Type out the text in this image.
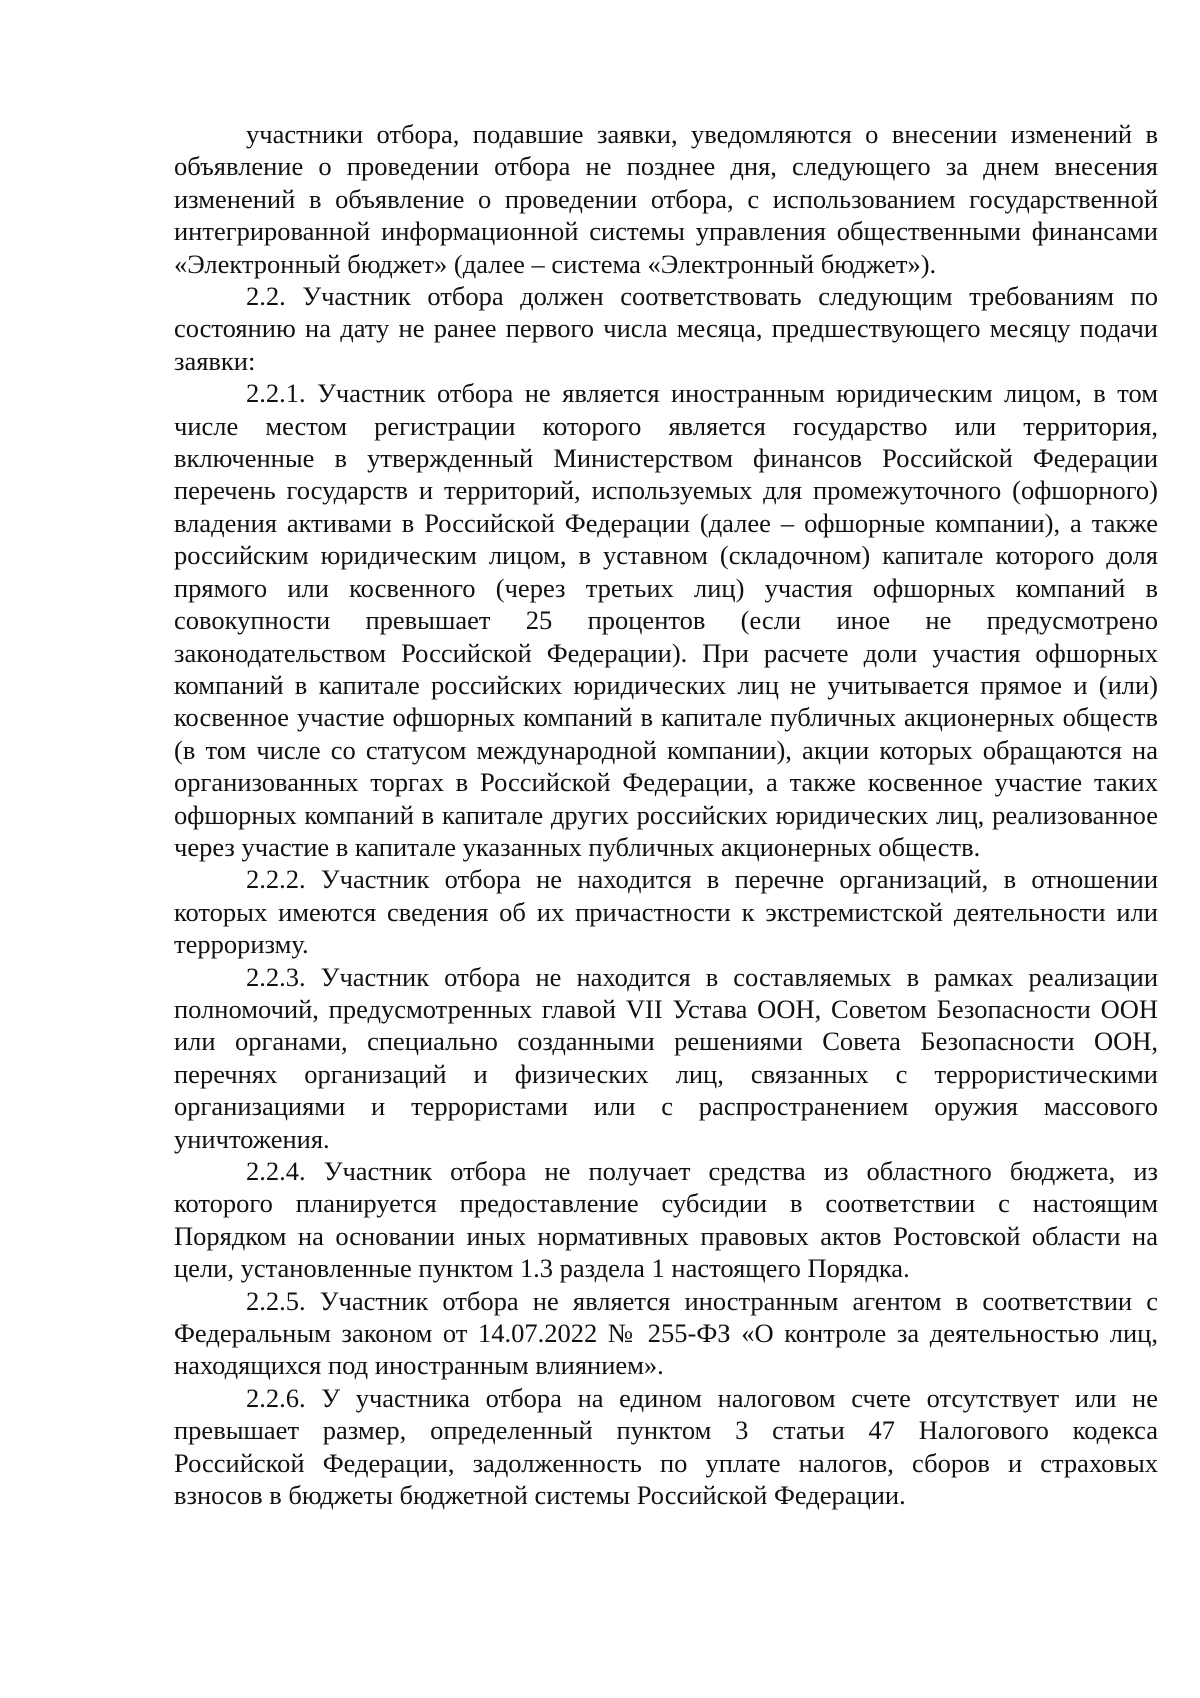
участники отбора, подавшие заявки, уведомляются о внесении изменений в объявление о проведении отбора не позднее дня, следующего за днем внесения изменений в объявление о проведении отбора, с использованием государственной интегрированной информационной системы управления общественными финансами «Электронный бюджет» (далее – система «Электронный бюджет»).

2.2. Участник отбора должен соответствовать следующим требованиям по состоянию на дату не ранее первого числа месяца, предшествующего месяцу подачи заявки:

2.2.1. Участник отбора не является иностранным юридическим лицом, в том числе местом регистрации которого является государство или территория, включенные в утвержденный Министерством финансов Российской Федерации перечень государств и территорий, используемых для промежуточного (офшорного) владения активами в Российской Федерации (далее – офшорные компании), а также российским юридическим лицом, в уставном (складочном) капитале которого доля прямого или косвенного (через третьих лиц) участия офшорных компаний в совокупности превышает 25 процентов (если иное не предусмотрено законодательством Российской Федерации). При расчете доли участия офшорных компаний в капитале российских юридических лиц не учитывается прямое и (или) косвенное участие офшорных компаний в капитале публичных акционерных обществ (в том числе со статусом международной компании), акции которых обращаются на организованных торгах в Российской Федерации, а также косвенное участие таких офшорных компаний в капитале других российских юридических лиц, реализованное через участие в капитале указанных публичных акционерных обществ.

2.2.2. Участник отбора не находится в перечне организаций, в отношении которых имеются сведения об их причастности к экстремистской деятельности или терроризму.

2.2.3. Участник отбора не находится в составляемых в рамках реализации полномочий, предусмотренных главой VII Устава ООН, Советом Безопасности ООН или органами, специально созданными решениями Совета Безопасности ООН, перечнях организаций и физических лиц, связанных с террористическими организациями и террористами или с распространением оружия массового уничтожения.

2.2.4. Участник отбора не получает средства из областного бюджета, из которого планируется предоставление субсидии в соответствии с настоящим Порядком на основании иных нормативных правовых актов Ростовской области на цели, установленные пунктом 1.3 раздела 1 настоящего Порядка.

2.2.5. Участник отбора не является иностранным агентом в соответствии с Федеральным законом от 14.07.2022 № 255-ФЗ «О контроле за деятельностью лиц, находящихся под иностранным влиянием».

2.2.6. У участника отбора на едином налоговом счете отсутствует или не превышает размер, определенный пунктом 3 статьи 47 Налогового кодекса Российской Федерации, задолженность по уплате налогов, сборов и страховых взносов в бюджеты бюджетной системы Российской Федерации.
